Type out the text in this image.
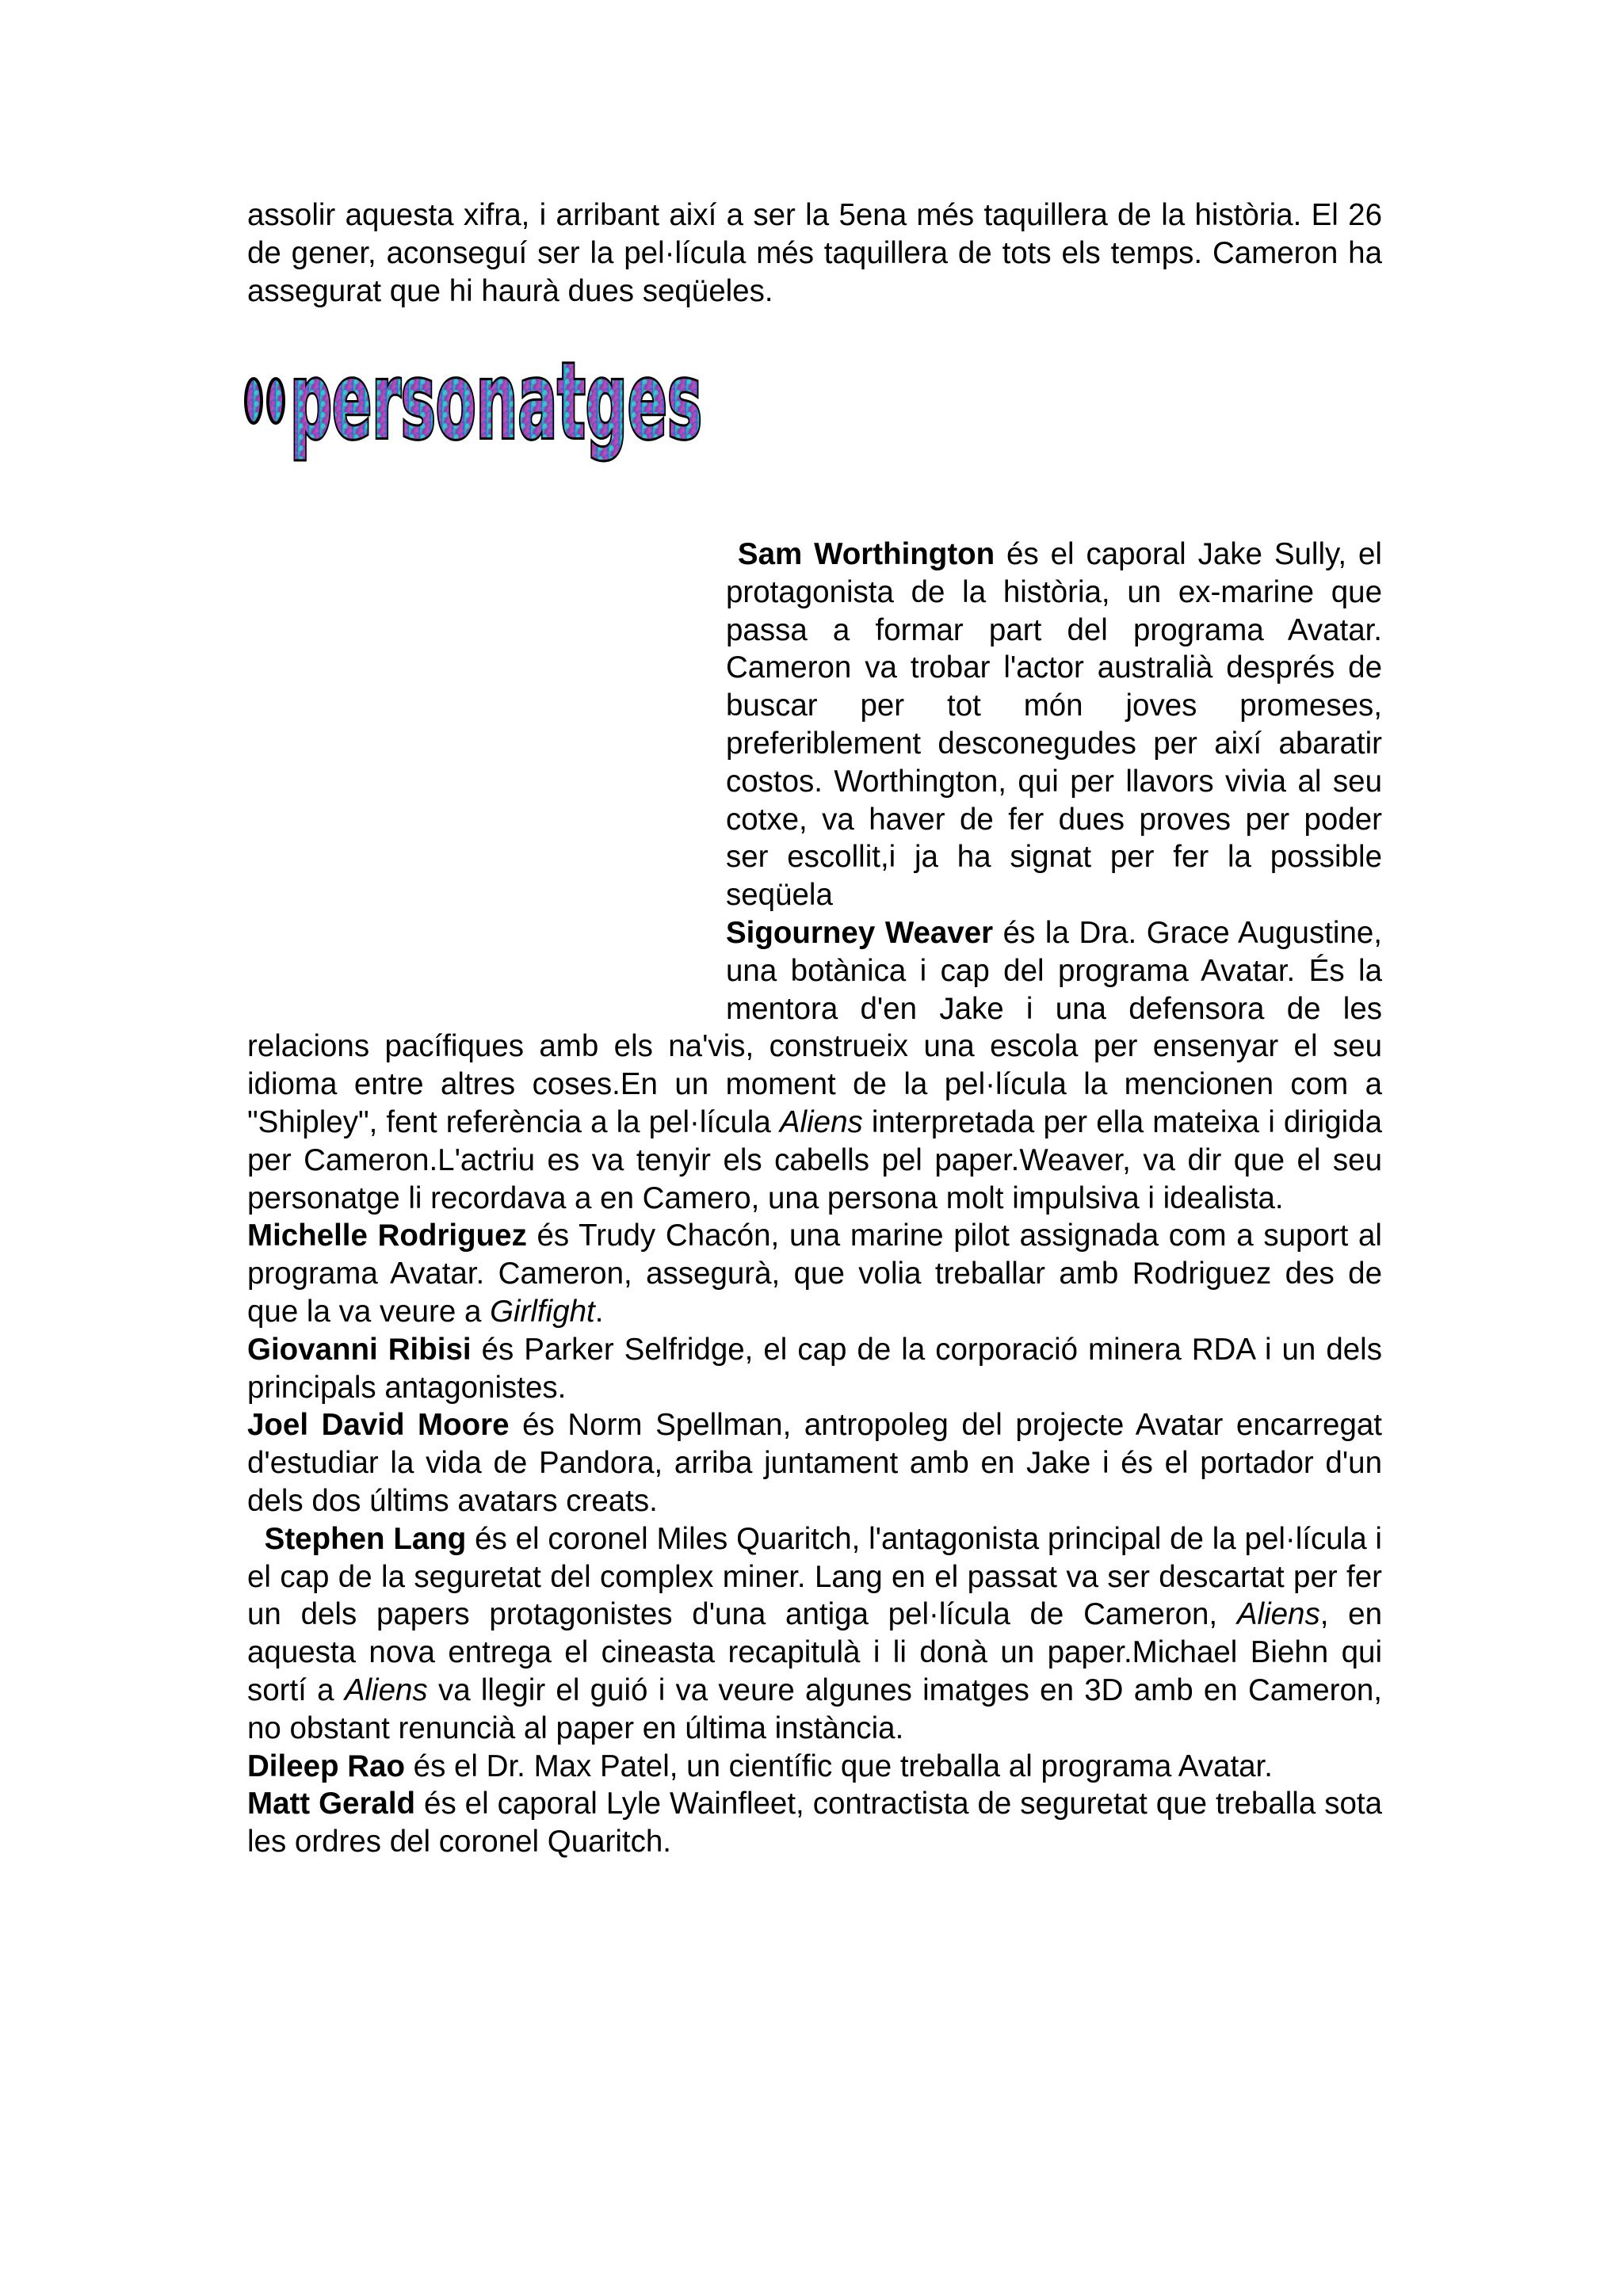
assolir aquesta xifra, i arribant així a ser la 5ena més taquillera de la història. El 26 de gener, aconseguí ser la pel·lícula més taquillera de tots els temps. Cameron ha assegurat que hi haurà dues seqüeles.

personatges

Sam Worthington és el caporal Jake Sully, el protagonista de la història, un ex-marine que passa a formar part del programa Avatar. Cameron va trobar l'actor australià després de buscar per tot món joves promeses, preferiblement desconegudes per així abaratir costos. Worthington, qui per llavors vivia al seu cotxe, va haver de fer dues proves per poder ser escollit,i ja ha signat per fer la possible seqüela

Sigourney Weaver és la Dra. Grace Augustine, una botànica i cap del programa Avatar. És la mentora d'en Jake i una defensora de les relacions pacífiques amb els na'vis, construeix una escola per ensenyar el seu idioma entre altres coses.En un moment de la pel·lícula la mencionen com a "Shipley", fent referència a la pel·lícula Aliens interpretada per ella mateixa i dirigida per Cameron.L'actriu es va tenyir els cabells pel paper.Weaver, va dir que el seu personatge li recordava a en Camero, una persona molt impulsiva i idealista.

Michelle Rodriguez és Trudy Chacón, una marine pilot assignada com a suport al programa Avatar. Cameron, assegurà, que volia treballar amb Rodriguez des de que la va veure a Girlfight.

Giovanni Ribisi és Parker Selfridge, el cap de la corporació minera RDA i un dels principals antagonistes.

Joel David Moore és Norm Spellman, antropoleg del projecte Avatar encarregat d'estudiar la vida de Pandora, arriba juntament amb en Jake i és el portador d'un dels dos últims avatars creats.

Stephen Lang és el coronel Miles Quaritch, l'antagonista principal de la pel·lícula i el cap de la seguretat del complex miner. Lang en el passat va ser descartat per fer un dels papers protagonistes d'una antiga pel·lícula de Cameron, Aliens, en aquesta nova entrega el cineasta recapitulà i li donà un paper.Michael Biehn qui sortí a Aliens va llegir el guió i va veure algunes imatges en 3D amb en Cameron, no obstant renuncià al paper en última instància.

Dileep Rao és el Dr. Max Patel, un científic que treballa al programa Avatar.

Matt Gerald és el caporal Lyle Wainfleet, contractista de seguretat que treballa sota les ordres del coronel Quaritch.
